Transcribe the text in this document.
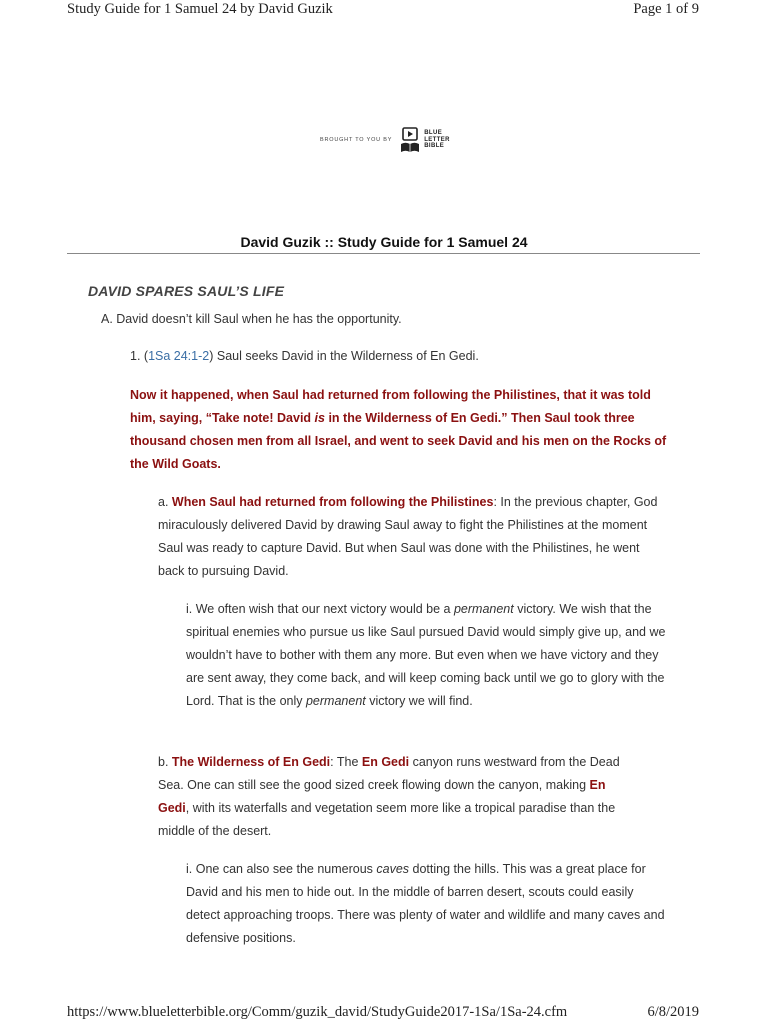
Study Guide for 1 Samuel 24 by David Guzik	Page 1 of 9
BROUGHT TO YOU BY
BLUE
LETTER
BIBLE
David Guzik :: Study Guide for 1 Samuel 24
DAVID SPARES SAUL’S LIFE

A. David doesn’t kill Saul when he has the opportunity.

1. (1Sa 24:1-2) Saul seeks David in the Wilderness of En Gedi.

Now it happened, when Saul had returned from following the Philistines, that it was told him, saying, “Take note! David is in the Wilderness of En Gedi.” Then Saul took three thousand chosen men from all Israel, and went to seek David and his men on the Rocks of the Wild Goats.

a. When Saul had returned from following the Philistines: In the previous chapter, God miraculously delivered David by drawing Saul away to fight the Philistines at the moment Saul was ready to capture David. But when Saul was done with the Philistines, he went back to pursuing David.

i. We often wish that our next victory would be a permanent victory. We wish that the spiritual enemies who pursue us like Saul pursued David would simply give up, and we wouldn’t have to bother with them any more. But even when we have victory and they are sent away, they come back, and will keep coming back until we go to glory with the Lord. That is the only permanent victory we will find.

b. The Wilderness of En Gedi: The En Gedi canyon runs westward from the Dead Sea. One can still see the good sized creek flowing down the canyon, making En Gedi, with its waterfalls and vegetation seem more like a tropical paradise than the middle of the desert.

i. One can also see the numerous caves dotting the hills. This was a great place for David and his men to hide out. In the middle of barren desert, scouts could easily detect approaching troops. There was plenty of water and wildlife and many caves and defensive positions.

https://www.blueletterbible.org/Comm/guzik_david/StudyGuide2017-1Sa/1Sa-24.cfm	6/8/2019
